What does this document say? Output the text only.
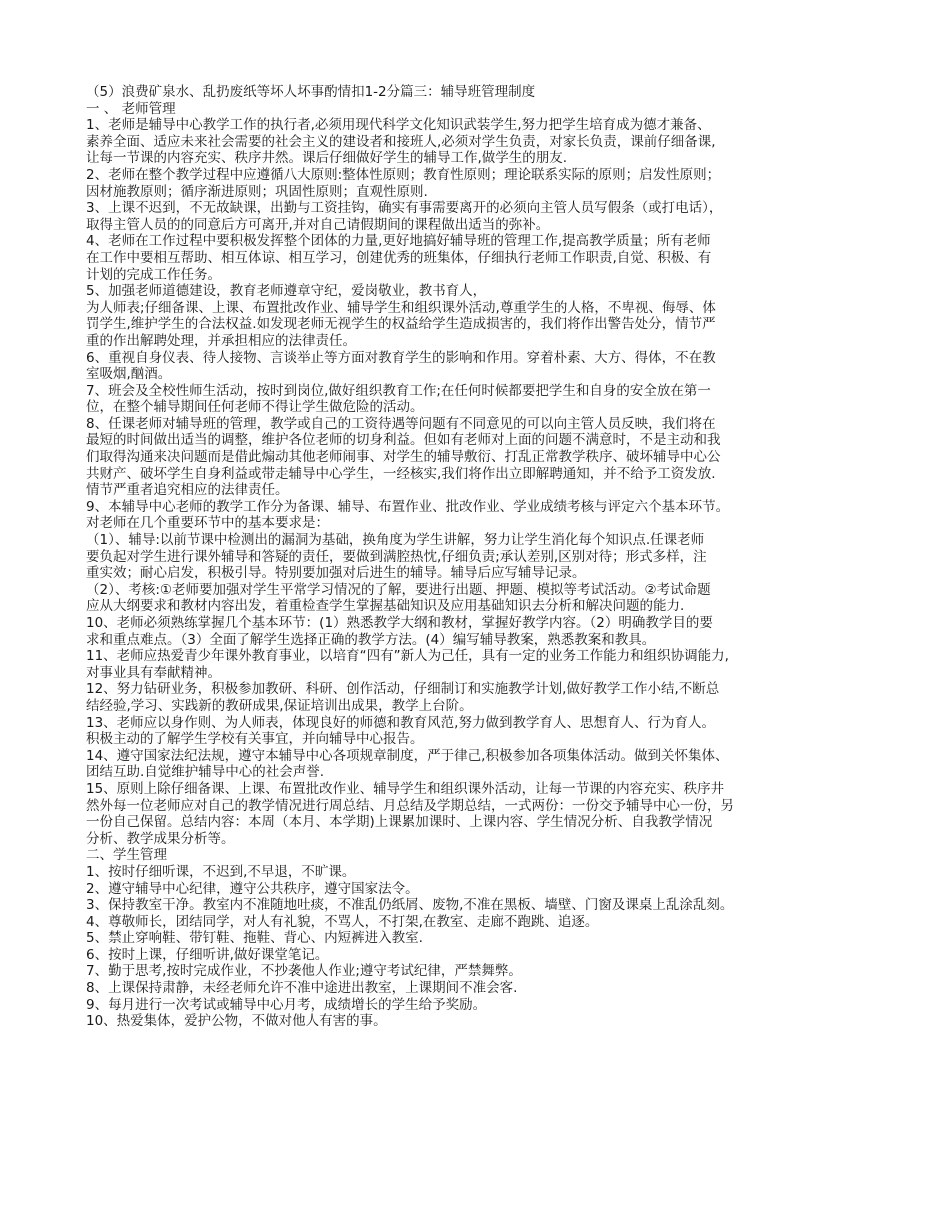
（5）浪费矿泉水、乱扔废纸等坏人坏事酌情扣1-2分篇三：辅导班管理制度
一 、 老师管理
1、老师是辅导中心教学工作的执行者,必须用现代科学文化知识武装学生,努力把学生培育成为德才兼备、
素养全面、适应未来社会需要的社会主义的建设者和接班人,必须对学生负责，对家长负责，课前仔细备课,
让每一节课的内容充实、秩序井然。课后仔细做好学生的辅导工作,做学生的朋友.
2、老师在整个教学过程中应遵循八大原则:整体性原则；教育性原则；理论联系实际的原则；启发性原则；
因材施教原则；循序渐进原则；巩固性原则；直观性原则.
3、上课不迟到，不无故缺课，出勤与工资挂钩，确实有事需要离开的必须向主管人员写假条（或打电话），
取得主管人员的的同意后方可离开,并对自己请假期间的课程做出适当的弥补。
4、老师在工作过程中要积极发挥整个团体的力量,更好地搞好辅导班的管理工作,提高教学质量；所有老师
在工作中要相互帮助、相互体谅、相互学习，创建优秀的班集体，仔细执行老师工作职责,自觉、积极、有
计划的完成工作任务。
5、加强老师道德建设，教育老师遵章守纪，爱岗敬业，教书育人，
为人师表;仔细备课、上课、布置批改作业、辅导学生和组织课外活动,尊重学生的人格，不卑视、侮辱、体
罚学生,维护学生的合法权益.如发现老师无视学生的权益给学生造成损害的，我们将作出警告处分，情节严
重的作出解聘处理，并承担相应的法律责任。
6、重视自身仪表、待人接物、言谈举止等方面对教育学生的影响和作用。穿着朴素、大方、得体，不在教
室吸烟,酗酒。
7、班会及全校性师生活动，按时到岗位,做好组织教育工作;在任何时候都要把学生和自身的安全放在第一
位，在整个辅导期间任何老师不得让学生做危险的活动。
8、任课老师对辅导班的管理，教学或自己的工资待遇等问题有不同意见的可以向主管人员反映，我们将在
最短的时间做出适当的调整，维护各位老师的切身利益。但如有老师对上面的问题不满意时，不是主动和我
们取得沟通来决问题而是借此煽动其他老师闹事、对学生的辅导敷衍、打乱正常教学秩序、破坏辅导中心公
共财产、破坏学生自身利益或带走辅导中心学生，一经核实,我们将作出立即解聘通知，并不给予工资发放.
情节严重者追究相应的法律责任。
9、本辅导中心老师的教学工作分为备课、辅导、布置作业、批改作业、学业成绩考核与评定六个基本环节。
对老师在几个重要环节中的基本要求是：
（1）、辅导:以前节课中检测出的漏洞为基础，换角度为学生讲解，努力让学生消化每个知识点.任课老师
要负起对学生进行课外辅导和答疑的责任，要做到满腔热忱,仔细负责;承认差别,区别对待；形式多样，注
重实效；耐心启发，积极引导。特别要加强对后进生的辅导。辅导后应写辅导记录。
（2）、考核:①老师要加强对学生平常学习情况的了解，要进行出题、押题、模拟等考试活动。②考试命题
应从大纲要求和教材内容出发，着重检查学生掌握基础知识及应用基础知识去分析和解决问题的能力.
10、老师必须熟练掌握几个基本环节：(1）熟悉教学大纲和教材，掌握好教学内容。（2）明确教学目的要
求和重点难点。（3）全面了解学生选择正确的教学方法。(4）编写辅导教案，熟悉教案和教具。
11、老师应热爱青少年课外教育事业，以培育“四有”新人为己任，具有一定的业务工作能力和组织协调能力,
对事业具有奉献精神。
12、努力钻研业务，积极参加教研、科研、创作活动，仔细制订和实施教学计划,做好教学工作小结,不断总
结经验,学习、实践新的教研成果,保证培训出成果，教学上台阶。
13、老师应以身作则、为人师表，体现良好的师德和教育风范,努力做到教学育人、思想育人、行为育人。
积极主动的了解学生学校有关事宜，并向辅导中心报告。
14、遵守国家法纪法规，遵守本辅导中心各项规章制度，严于律己,积极参加各项集体活动。做到关怀集体、
团结互助.自觉维护辅导中心的社会声誉.
15、原则上除仔细备课、上课、布置批改作业、辅导学生和组织课外活动，让每一节课的内容充实、秩序井
然外每一位老师应对自己的教学情况进行周总结、月总结及学期总结，一式两份：一份交予辅导中心一份，另
一份自己保留。总结内容：本周（本月、本学期)上课累加课时、上课内容、学生情况分析、自我教学情况
分析、教学成果分析等。
二、学生管理
1、按时仔细听课，不迟到,不早退，不旷课。
2、遵守辅导中心纪律，遵守公共秩序，遵守国家法令。
3、保持教室干净。教室内不准随地吐痰，不准乱仍纸屑、废物,不准在黑板、墙壁、门窗及课桌上乱涂乱刻。
4、尊敬师长，团结同学，对人有礼貌，不骂人，不打架,在教室、走廊不跑跳、追逐。
5、禁止穿响鞋、带钉鞋、拖鞋、背心、内短裤进入教室.
6、按时上课，仔细听讲,做好课堂笔记。
7、勤于思考,按时完成作业，不抄袭他人作业;遵守考试纪律，严禁舞弊。
8、上课保持肃静，未经老师允许不准中途进出教室，上课期间不准会客.
9、每月进行一次考试或辅导中心月考，成绩增长的学生给予奖励。
10、热爱集体，爱护公物，不做对他人有害的事。
